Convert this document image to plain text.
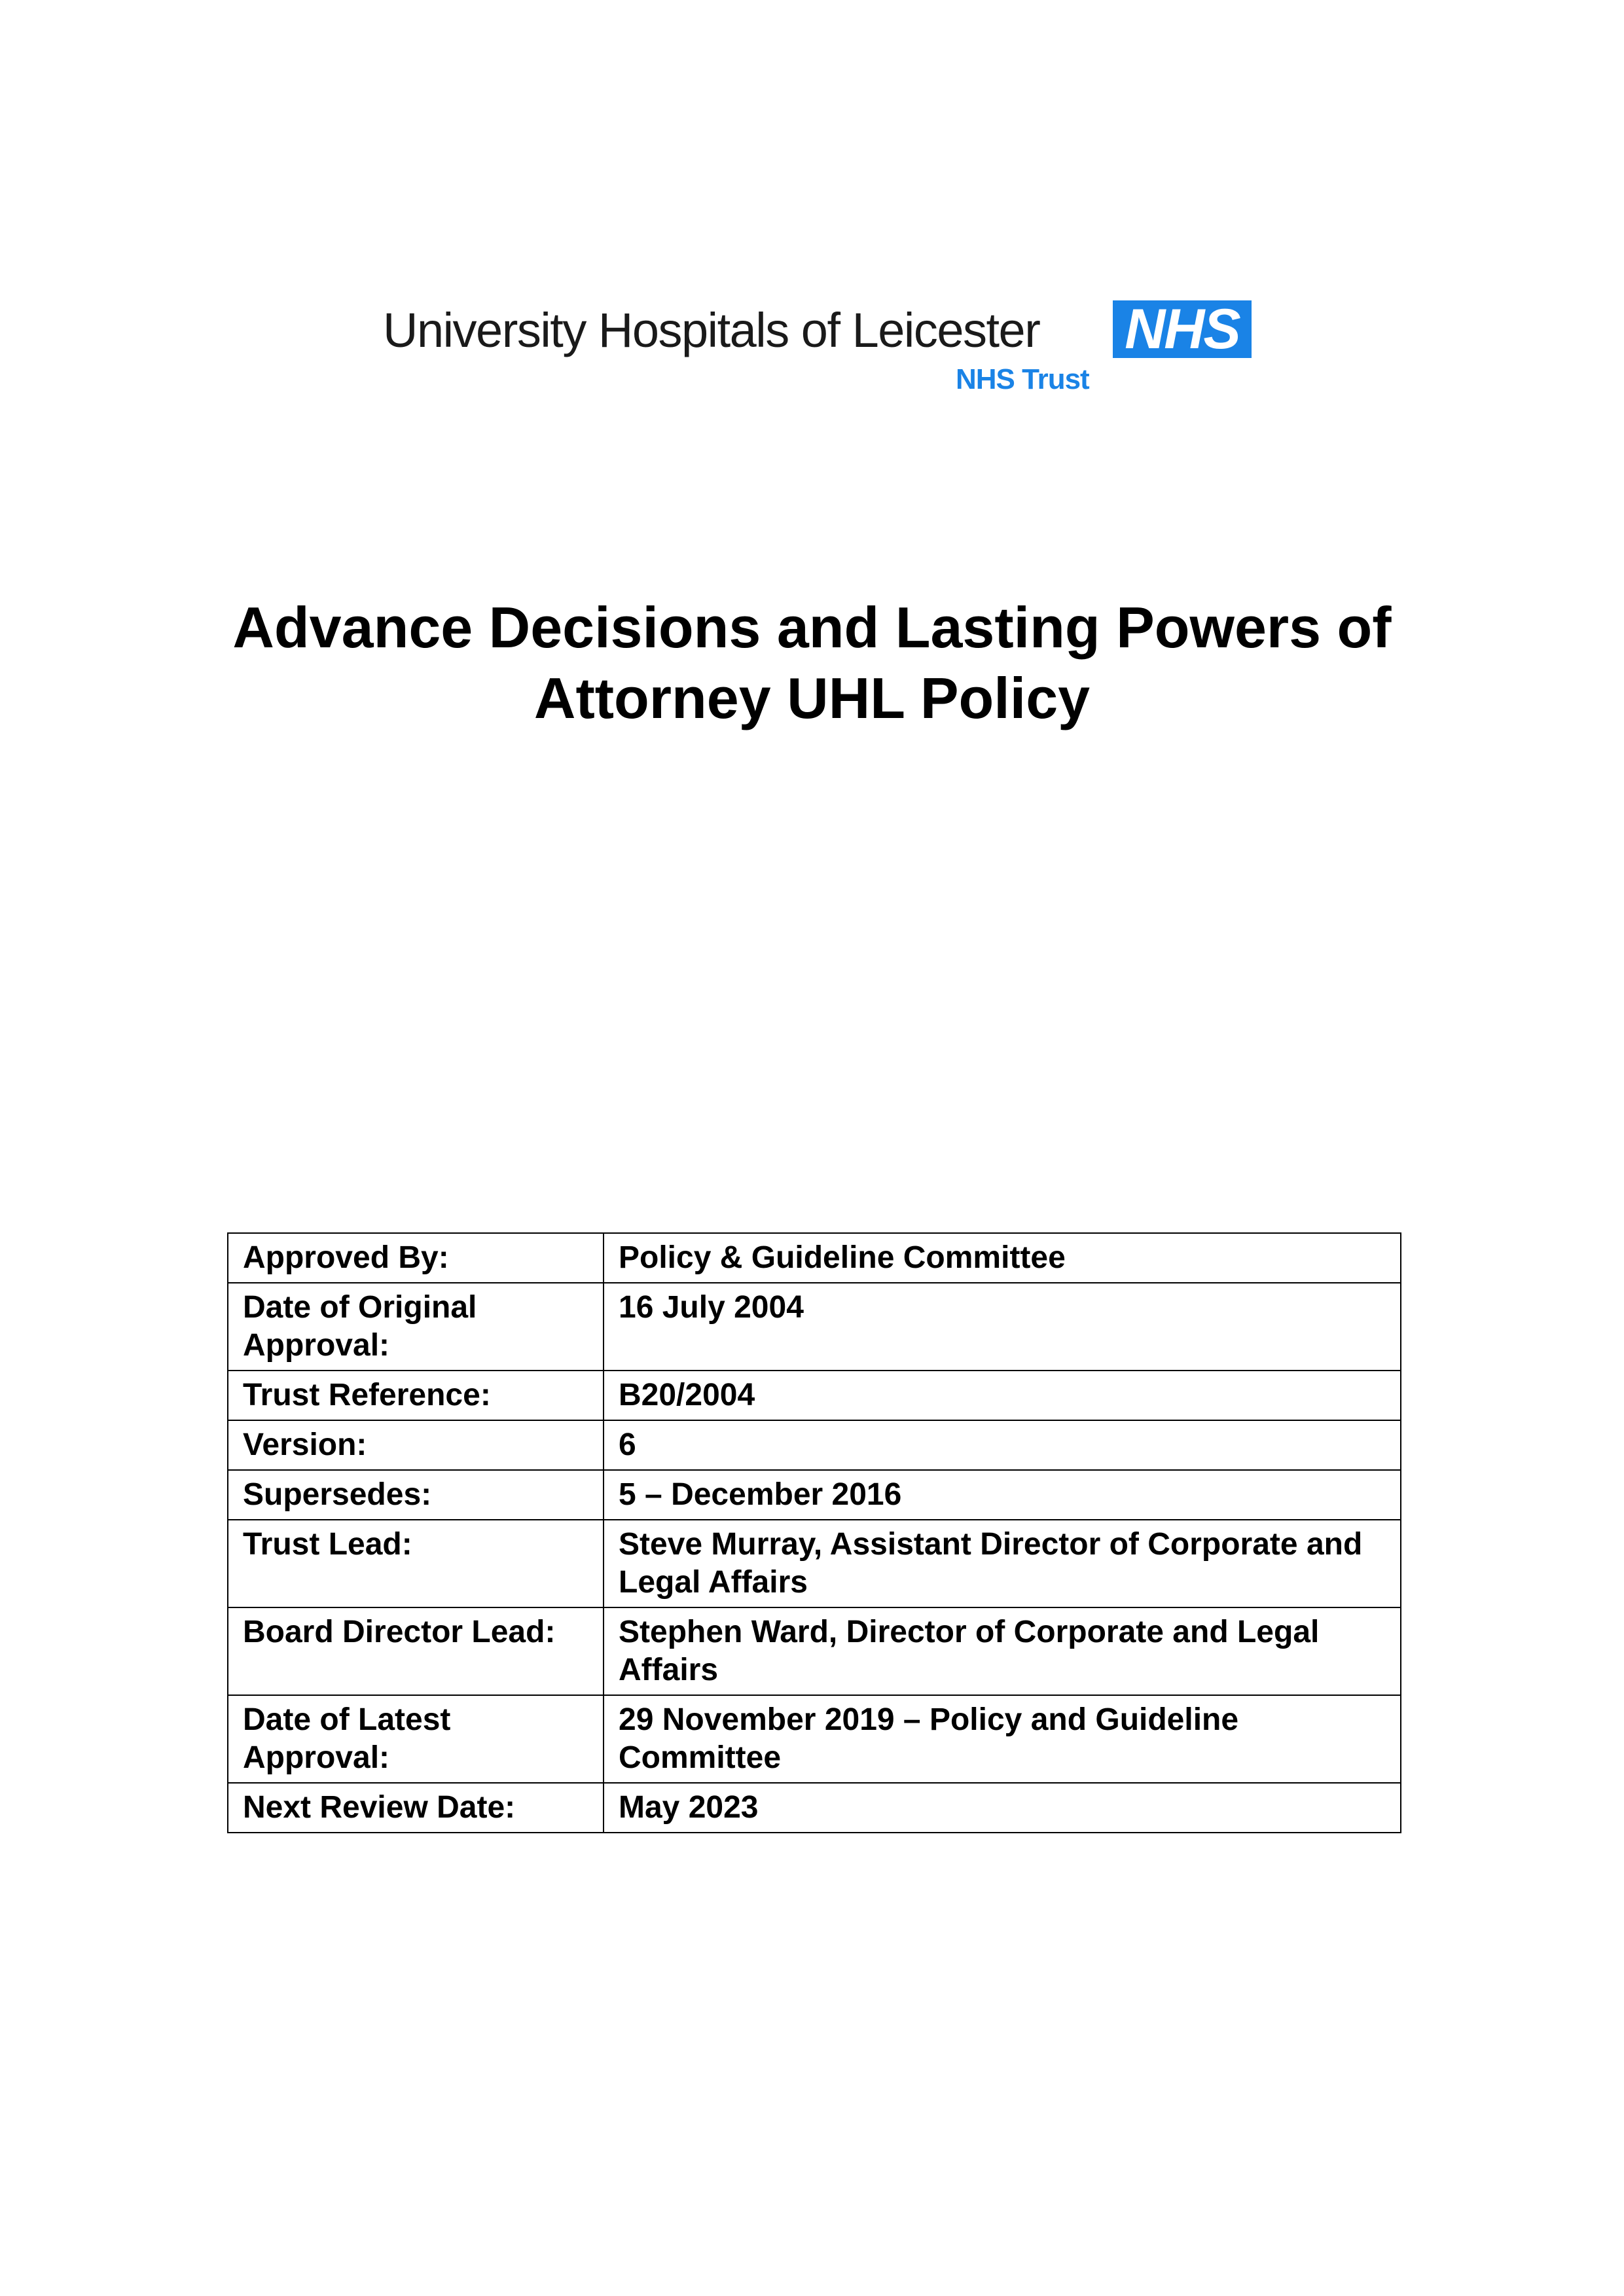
University Hospitals of Leicester NHS
NHS Trust
Advance Decisions and Lasting Powers of Attorney UHL Policy
Approved By:	Policy & Guideline Committee
Date of Original Approval:	16 July 2004
Trust Reference:	B20/2004
Version:	6
Supersedes:	5 – December 2016
Trust Lead:	Steve Murray, Assistant Director of Corporate and Legal Affairs
Board Director Lead:	Stephen Ward, Director of Corporate and Legal Affairs
Date of Latest Approval:	29 November 2019 – Policy and Guideline Committee
Next Review Date:	May 2023
